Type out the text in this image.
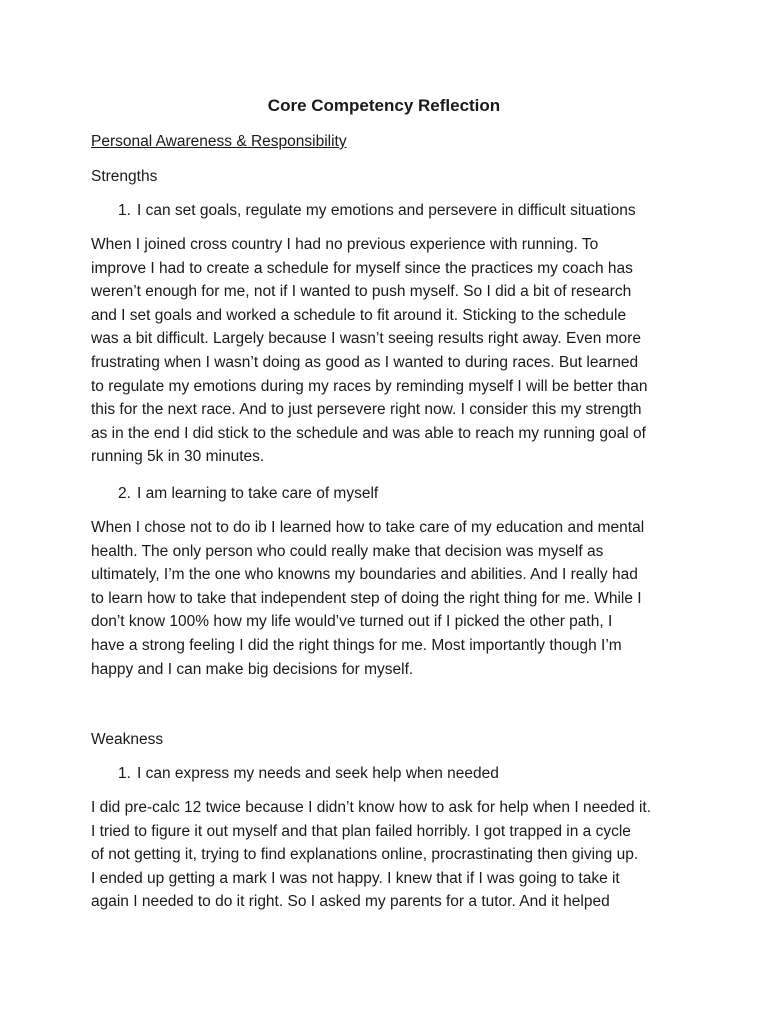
Core Competency Reflection

Personal Awareness & Responsibility

Strengths

1. I can set goals, regulate my emotions and persevere in difficult situations

When I joined cross country I had no previous experience with running. To
improve I had to create a schedule for myself since the practices my coach has
weren’t enough for me, not if I wanted to push myself. So I did a bit of research
and I set goals and worked a schedule to fit around it. Sticking to the schedule
was a bit difficult. Largely because I wasn’t seeing results right away. Even more
frustrating when I wasn’t doing as good as I wanted to during races. But learned
to regulate my emotions during my races by reminding myself I will be better than
this for the next race. And to just persevere right now. I consider this my strength
as in the end I did stick to the schedule and was able to reach my running goal of
running 5k in 30 minutes.

2. I am learning to take care of myself

When I chose not to do ib I learned how to take care of my education and mental
health. The only person who could really make that decision was myself as
ultimately, I’m the one who knowns my boundaries and abilities. And I really had
to learn how to take that independent step of doing the right thing for me. While I
don’t know 100% how my life would’ve turned out if I picked the other path, I
have a strong feeling I did the right things for me. Most importantly though I’m
happy and I can make big decisions for myself.

Weakness

1. I can express my needs and seek help when needed

I did pre-calc 12 twice because I didn’t know how to ask for help when I needed it.
I tried to figure it out myself and that plan failed horribly. I got trapped in a cycle
of not getting it, trying to find explanations online, procrastinating then giving up.
I ended up getting a mark I was not happy. I knew that if I was going to take it
again I needed to do it right. So I asked my parents for a tutor. And it helped
